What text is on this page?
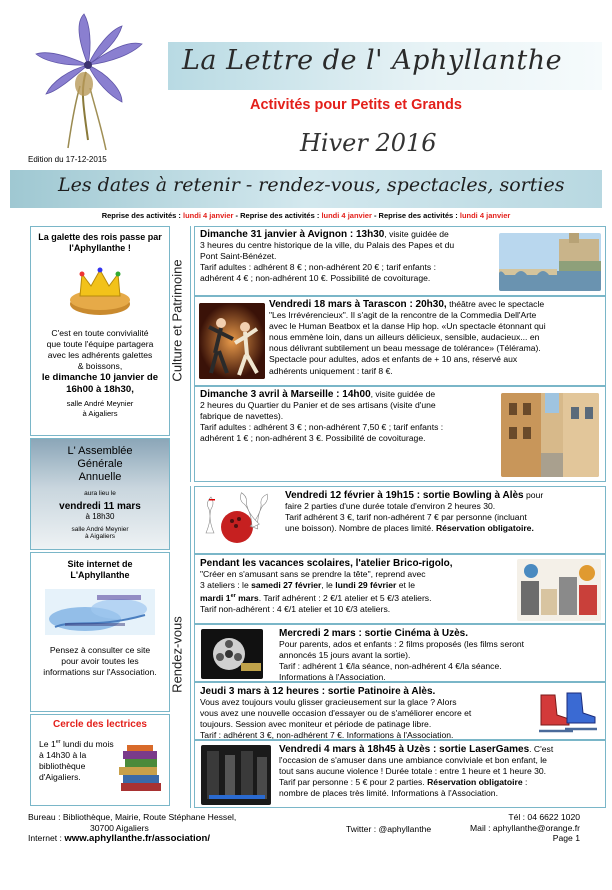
La Lettre de l' Aphyllanthe
Activités pour Petits et Grands
Hiver 2016
Edition du 17-12-2015
Les dates à retenir - rendez-vous, spectacles, sorties
Reprise des activités : lundi 4 janvier - Reprise des activités : lundi 4 janvier - Reprise des activités : lundi 4 janvier
La galette des rois passe par l'Aphyllanthe !
C'est en toute convivialité que toute l'équipe partagera avec les adhérents galettes & boissons,
le dimanche 10 janvier de 16h00 à 18h30,
salle André Meynier
à Aigaliers
L' Assemblée
Générale
Annuelle
aura lieu le
vendredi 11 mars
à 18h30
salle André Meynier
à Aigaliers
Site internet de L'Aphyllanthe
Pensez à consulter ce site pour avoir toutes les informations sur l'Association.
Cercle des lectrices
Le 1er lundi du mois
à 14h30 à la
bibliothèque
d'Aigaliers.
Culture et Patrimoine
Rendez-vous

Dimanche 31 janvier à Avignon : 13h30, visite guidée de

3 heures du centre historique de la ville, du Palais des Papes et du

Pont Saint-Bénézet.

Tarif adultes : adhérent 8 € ; non-adhérent 20 € ; tarif enfants :

adhérent 4 € ; non-adhérent 10 €. Possibilité de covoiturage.

Vendredi 18 mars à Tarascon : 20h30, théâtre avec le spectacle

"Les Irrévérencieux". Il s'agit de la rencontre de la Commedia Dell'Arte

avec le Human Beatbox et la danse Hip hop. «Un spectacle étonnant qui

nous emmène loin, dans un ailleurs délicieux, sensible, audacieux... en

nous délivrant subtilement un beau message de tolérance» (Télérama).

Spectacle pour adultes, ados et enfants de + 10 ans, réservé aux

adhérents uniquement : tarif 8 €.

Dimanche 3 avril à Marseille : 14h00, visite guidée de

2 heures du Quartier du Panier et de ses artisans (visite d'une

fabrique de navettes).

Tarif adultes : adhérent 3 € ; non-adhérent 7,50 € ; tarif enfants :

adhérent 1 € ; non-adhérent 3 €. Possibilité de covoiturage.

Vendredi 12 février à 19h15 : sortie Bowling à Alès pour

faire 2 parties d'une durée totale d'environ 2 heures 30.

Tarif adhérent 3 €, tarif non-adhérent 7 € par personne (incluant

une boisson). Nombre de places limité. Réservation obligatoire.

Pendant les vacances scolaires, l'atelier Brico-rigolo,

"Créer en s'amusant sans se prendre la tête", reprend avec

3 ateliers : le samedi 27 février, le lundi 29 février et le

mardi 1er mars. Tarif adhérent : 2 €/1 atelier et 5 €/3 ateliers.

Tarif non-adhérent : 4 €/1 atelier et 10 €/3 ateliers.

Mercredi 2 mars : sortie Cinéma à Uzès.

Pour parents, ados et enfants : 2 films proposés (les films seront

annoncés 15 jours avant la sortie).

Tarif : adhérent 1 €/la séance, non-adhérent 4 €/la séance.

Informations à l'Association.

Jeudi 3 mars à 12 heures : sortie Patinoire à Alès.

Vous avez toujours voulu glisser gracieusement sur la glace ? Alors

vous avez une nouvelle occasion d'essayer ou de s'améliorer encore et

toujours. Session avec moniteur et période de patinage libre.

Tarif : adhérent 3 €, non-adhérent 7 €. Informations à l'Association.

Vendredi 4 mars à 18h45 à Uzès : sortie LaserGames. C'est

l'occasion de s'amuser dans une ambiance conviviale et bon enfant, le

tout sans aucune violence ! Durée totale : entre 1 heure et 1 heure 30.

Tarif par personne : 5 € pour 2 parties. Réservation obligatoire :

nombre de places très limité. Informations à l'Association.

Bureau : Bibliothèque, Mairie, Route Stéphane Hessel,
30700 Aigaliers
Internet : www.aphyllanthe.fr/association/
Twitter : @aphyllanthe
Tél : 04 6622 1020
Mail : aphyllanthe@orange.fr
Page 1
